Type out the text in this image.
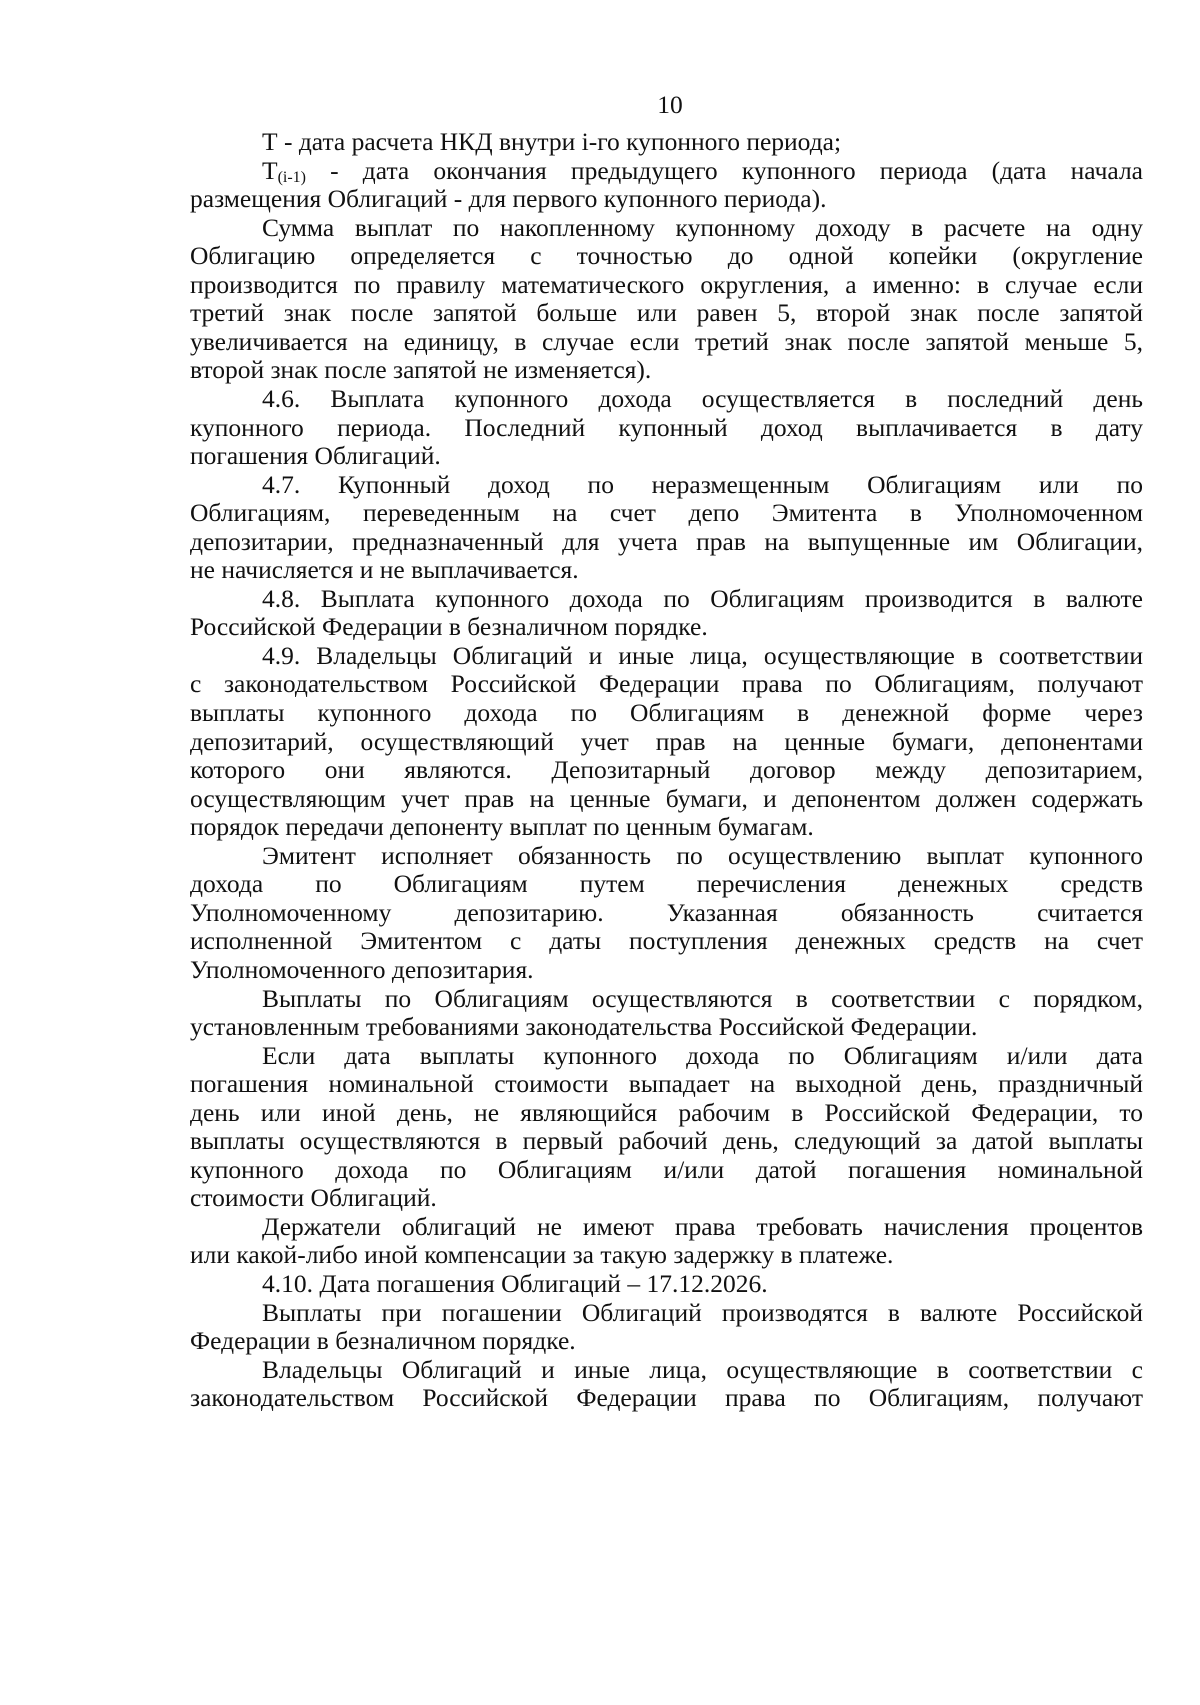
10
Т - дата расчета НКД внутри i-го купонного периода;
$Т_{(i-1)}$ - дата окончания предыдущего купонного периода (дата начала
размещения Облигаций - для первого купонного периода).
Сумма выплат по накопленному купонному доходу в расчете на одну
Облигацию определяется с точностью до одной копейки (округление
производится по правилу математического округления, а именно: в случае если
третий знак после запятой больше или равен 5, второй знак после запятой
увеличивается на единицу, в случае если третий знак после запятой меньше 5,
второй знак после запятой не изменяется).
4.6. Выплата купонного дохода осуществляется в последний день
купонного периода. Последний купонный доход выплачивается в дату
погашения Облигаций.
4.7. Купонный доход по неразмещенным Облигациям или по
Облигациям, переведенным на счет депо Эмитента в Уполномоченном
депозитарии, предназначенный для учета прав на выпущенные им Облигации,
не начисляется и не выплачивается.
4.8. Выплата купонного дохода по Облигациям производится в валюте
Российской Федерации в безналичном порядке.
4.9. Владельцы Облигаций и иные лица, осуществляющие в соответствии
с законодательством Российской Федерации права по Облигациям, получают
выплаты купонного дохода по Облигациям в денежной форме через
депозитарий, осуществляющий учет прав на ценные бумаги, депонентами
которого они являются. Депозитарный договор между депозитарием,
осуществляющим учет прав на ценные бумаги, и депонентом должен содержать
порядок передачи депоненту выплат по ценным бумагам.
Эмитент исполняет обязанность по осуществлению выплат купонного
дохода по Облигациям путем перечисления денежных средств
Уполномоченному депозитарию. Указанная обязанность считается
исполненной Эмитентом с даты поступления денежных средств на счет
Уполномоченного депозитария.
Выплаты по Облигациям осуществляются в соответствии с порядком,
установленным требованиями законодательства Российской Федерации.
Если дата выплаты купонного дохода по Облигациям и/или дата
погашения номинальной стоимости выпадает на выходной день, праздничный
день или иной день, не являющийся рабочим в Российской Федерации, то
выплаты осуществляются в первый рабочий день, следующий за датой выплаты
купонного дохода по Облигациям и/или датой погашения номинальной
стоимости Облигаций.
Держатели облигаций не имеют права требовать начисления процентов
или какой-либо иной компенсации за такую задержку в платеже.
4.10. Дата погашения Облигаций – 17.12.2026.
Выплаты при погашении Облигаций производятся в валюте Российской
Федерации в безналичном порядке.
Владельцы Облигаций и иные лица, осуществляющие в соответствии с
законодательством Российской Федерации права по Облигациям, получают
